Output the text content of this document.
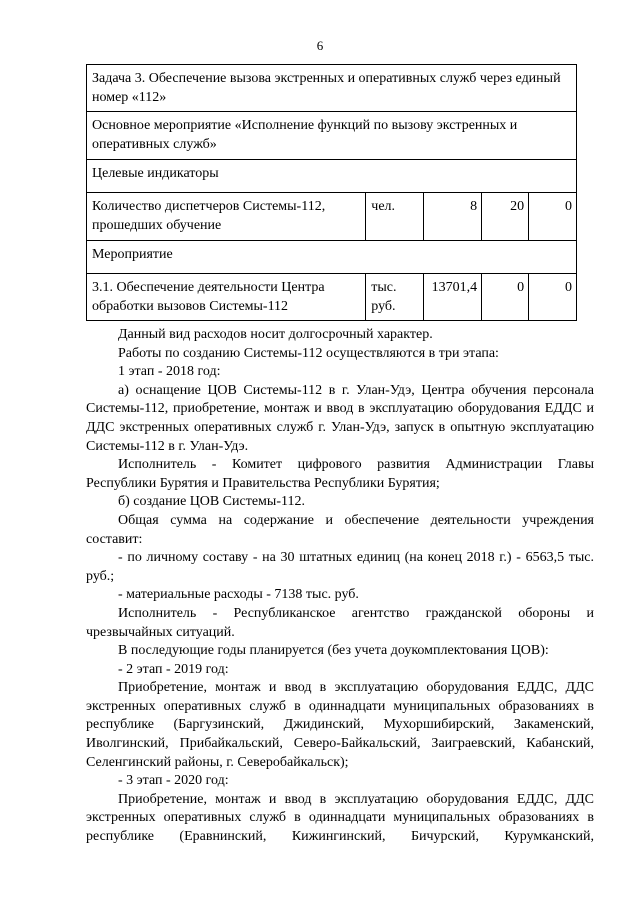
6
Задача 3. Обеспечение вызова экстренных и оперативных служб через единый номер «112»				
Основное мероприятие «Исполнение функций по вызову экстренных и оперативных служб»				
Целевые индикаторы				
Количество диспетчеров Системы-112, прошедших обучение	чел.	8	20	0
Мероприятие				
3.1. Обеспечение деятельности Центра обработки вызовов Системы-112	тыс. руб.	13701,4	0	0

Данный вид расходов носит долгосрочный характер.

Работы по созданию Системы-112 осуществляются в три этапа:

1 этап - 2018 год:

а) оснащение ЦОВ Системы-112 в г. Улан-Удэ, Центра обучения персонала Системы-112, приобретение, монтаж и ввод в эксплуатацию оборудования ЕДДС и ДДС экстренных оперативных служб г. Улан-Удэ, запуск в опытную эксплуатацию Системы-112 в г. Улан-Удэ.

Исполнитель - Комитет цифрового развития Администрации Главы Республики Бурятия и Правительства Республики Бурятия;

б) создание ЦОВ Системы-112.

Общая сумма на содержание и обеспечение деятельности учреждения составит:

- по личному составу - на 30 штатных единиц (на конец 2018 г.) - 6563,5 тыс. руб.;

- материальные расходы - 7138 тыс. руб.

Исполнитель - Республиканское агентство гражданской обороны и чрезвычайных ситуаций.

В последующие годы планируется (без учета доукомплектования ЦОВ):

- 2 этап - 2019 год:

Приобретение, монтаж и ввод в эксплуатацию оборудования ЕДДС, ДДС экстренных оперативных служб в одиннадцати муниципальных образованиях в республике (Баргузинский, Джидинский, Мухоршибирский, Закаменский, Иволгинский, Прибайкальский, Северо-Байкальский, Заиграевский, Кабанский, Селенгинский районы, г. Северобайкальск);

- 3 этап - 2020 год:

Приобретение, монтаж и ввод в эксплуатацию оборудования ЕДДС, ДДС экстренных оперативных служб в одиннадцати муниципальных образованиях в республике (Еравнинский, Кижингинский, Бичурский, Курумканский,
